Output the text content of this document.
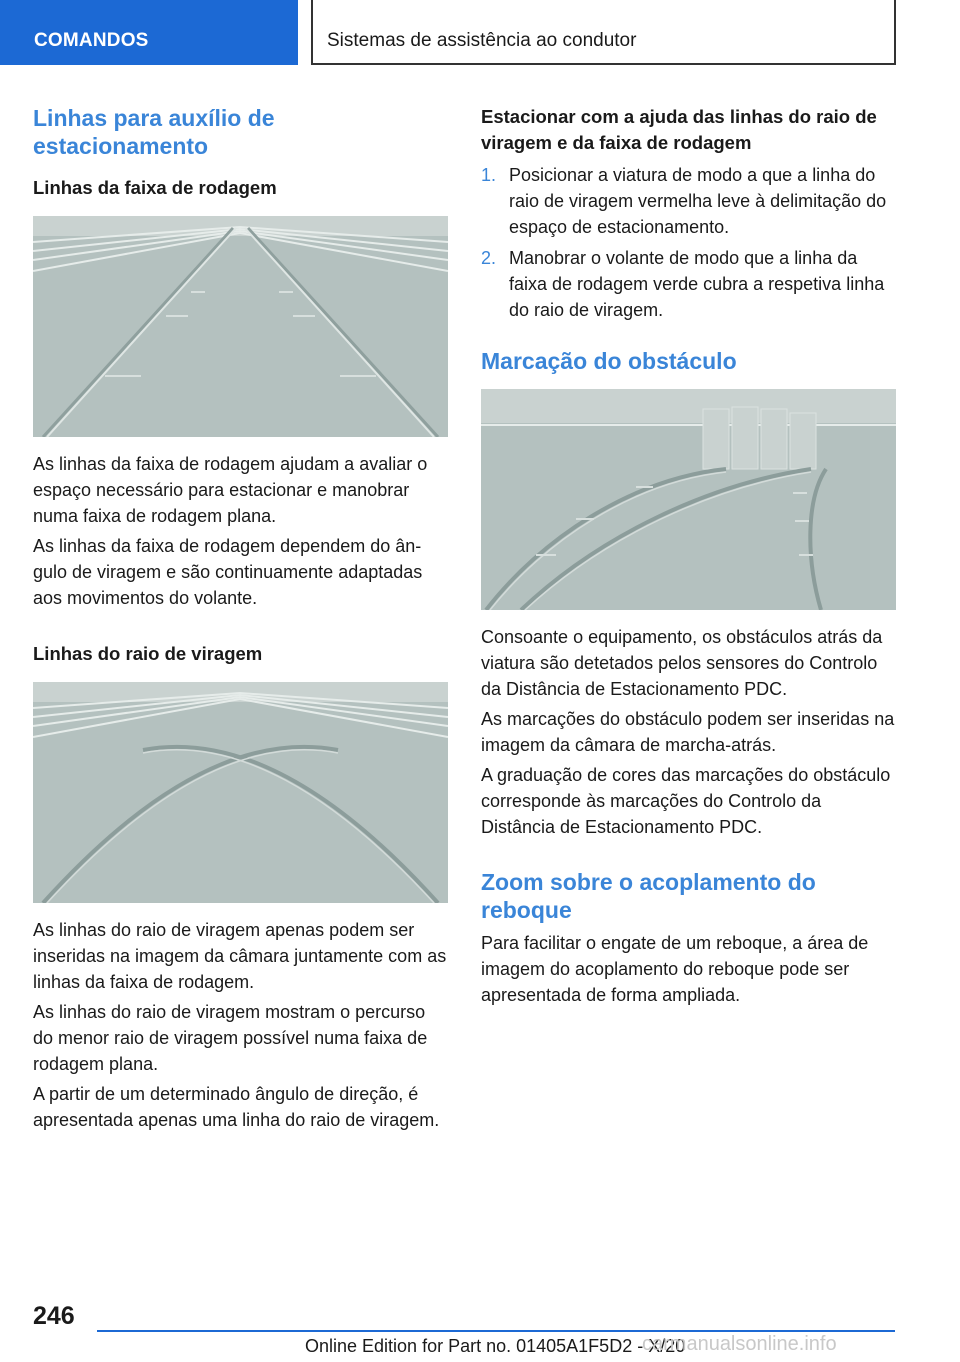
COMANDOS	Sistemas de assistência ao condutor
Linhas para auxílio de estacionamento
Linhas da faixa de rodagem

As linhas da faixa de rodagem ajudam a avaliar o espaço necessário para estacionar e manobrar numa faixa de rodagem plana.

As linhas da faixa de rodagem dependem do ângulo de viragem e são continuamente adaptadas aos movimentos do volante.

Linhas do raio de viragem

As linhas do raio de viragem apenas podem ser inseridas na imagem da câmara juntamente com as linhas da faixa de rodagem.

As linhas do raio de viragem mostram o percurso do menor raio de viragem possível numa faixa de rodagem plana.

A partir de um determinado ângulo de direção, é apresentada apenas uma linha do raio de viragem.

Estacionar com a ajuda das linhas do raio de viragem e da faixa de rodagem
1. Posicionar a viatura de modo a que a linha do raio de viragem vermelha leve à delimitação do espaço de estacionamento.
2. Manobrar o volante de modo que a linha da faixa de rodagem verde cubra a respetiva linha do raio de viragem.
Marcação do obstáculo

Consoante o equipamento, os obstáculos atrás da viatura são detetados pelos sensores do Controlo da Distância de Estacionamento PDC.

As marcações do obstáculo podem ser inseridas na imagem da câmara de marcha-atrás.

A graduação de cores das marcações do obstáculo corresponde às marcações do Controlo da Distância de Estacionamento PDC.

Zoom sobre o acoplamento do reboque

Para facilitar o engate de um reboque, a área de imagem do acoplamento do reboque pode ser apresentada de forma ampliada.

246
Online Edition for Part no. 01405A1F5D2 - X/20
carmanualsonline.info
